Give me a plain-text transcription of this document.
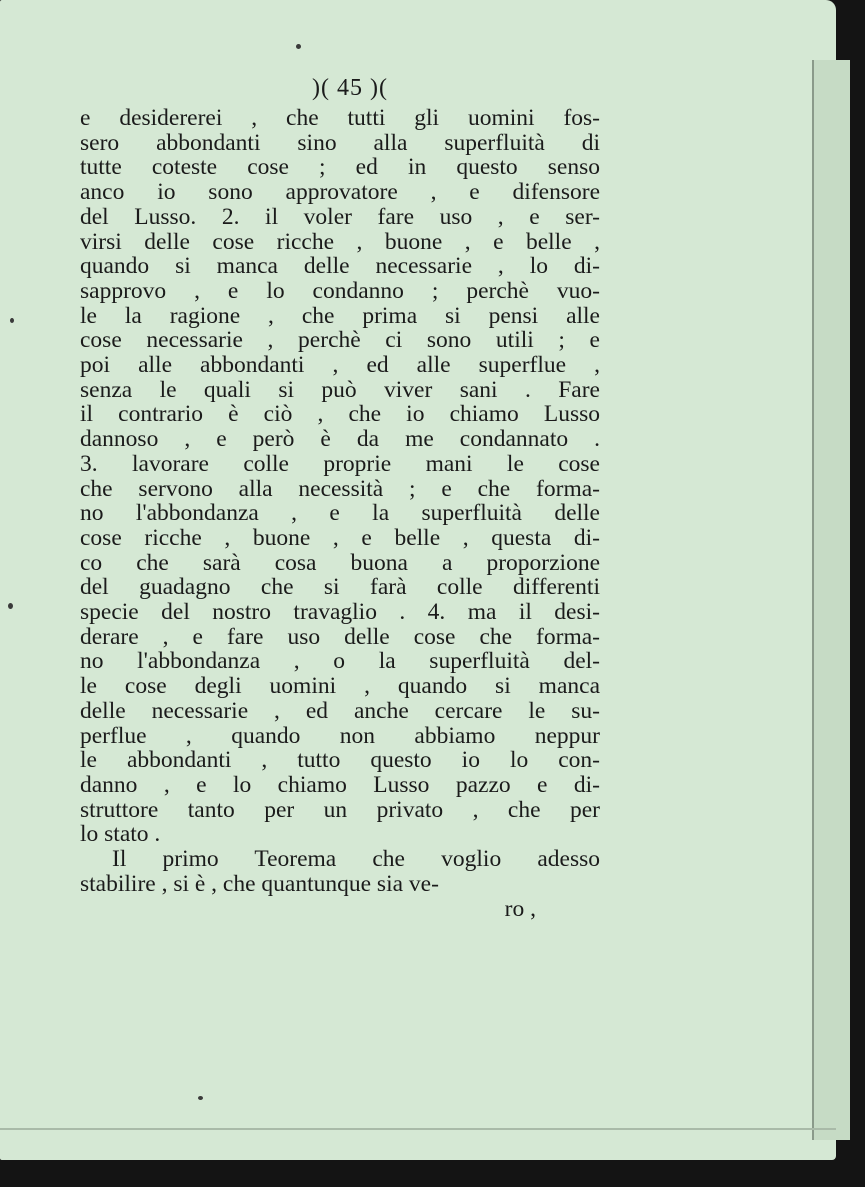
)( 45 )(
e desidererei , che tutti gli uomini fos-
sero abbondanti sino alla superfluità di
tutte coteste cose ; ed in questo senso
anco io sono approvatore , e difensore
del Lusso. 2. il voler fare uso , e ser-
virsi delle cose ricche , buone , e belle ,
quando si manca delle necessarie , lo di-
sapprovo , e lo condanno ; perchè vuo-
le la ragione , che prima si pensi alle
cose necessarie , perchè ci sono utili ; e
poi alle abbondanti , ed alle superflue ,
senza le quali si può viver sani . Fare
il contrario è ciò , che io chiamo Lusso
dannoso , e però è da me condannato .
3. lavorare colle proprie mani le cose
che servono alla necessità ; e che forma-
no l'abbondanza , e la superfluità delle
cose ricche , buone , e belle , questa di-
co che sarà cosa buona a proporzione
del guadagno che si farà colle differenti
specie del nostro travaglio . 4. ma il desi-
derare , e fare uso delle cose che forma-
no l'abbondanza , o la superfluità del-
le cose degli uomini , quando si manca
delle necessarie , ed anche cercare le su-
perflue , quando non abbiamo neppur
le abbondanti , tutto questo io lo con-
danno , e lo chiamo Lusso pazzo e di-
struttore tanto per un privato , che per
lo stato .
Il primo Teorema che voglio adesso
stabilire , si è , che quantunque sia ve-
ro ,
